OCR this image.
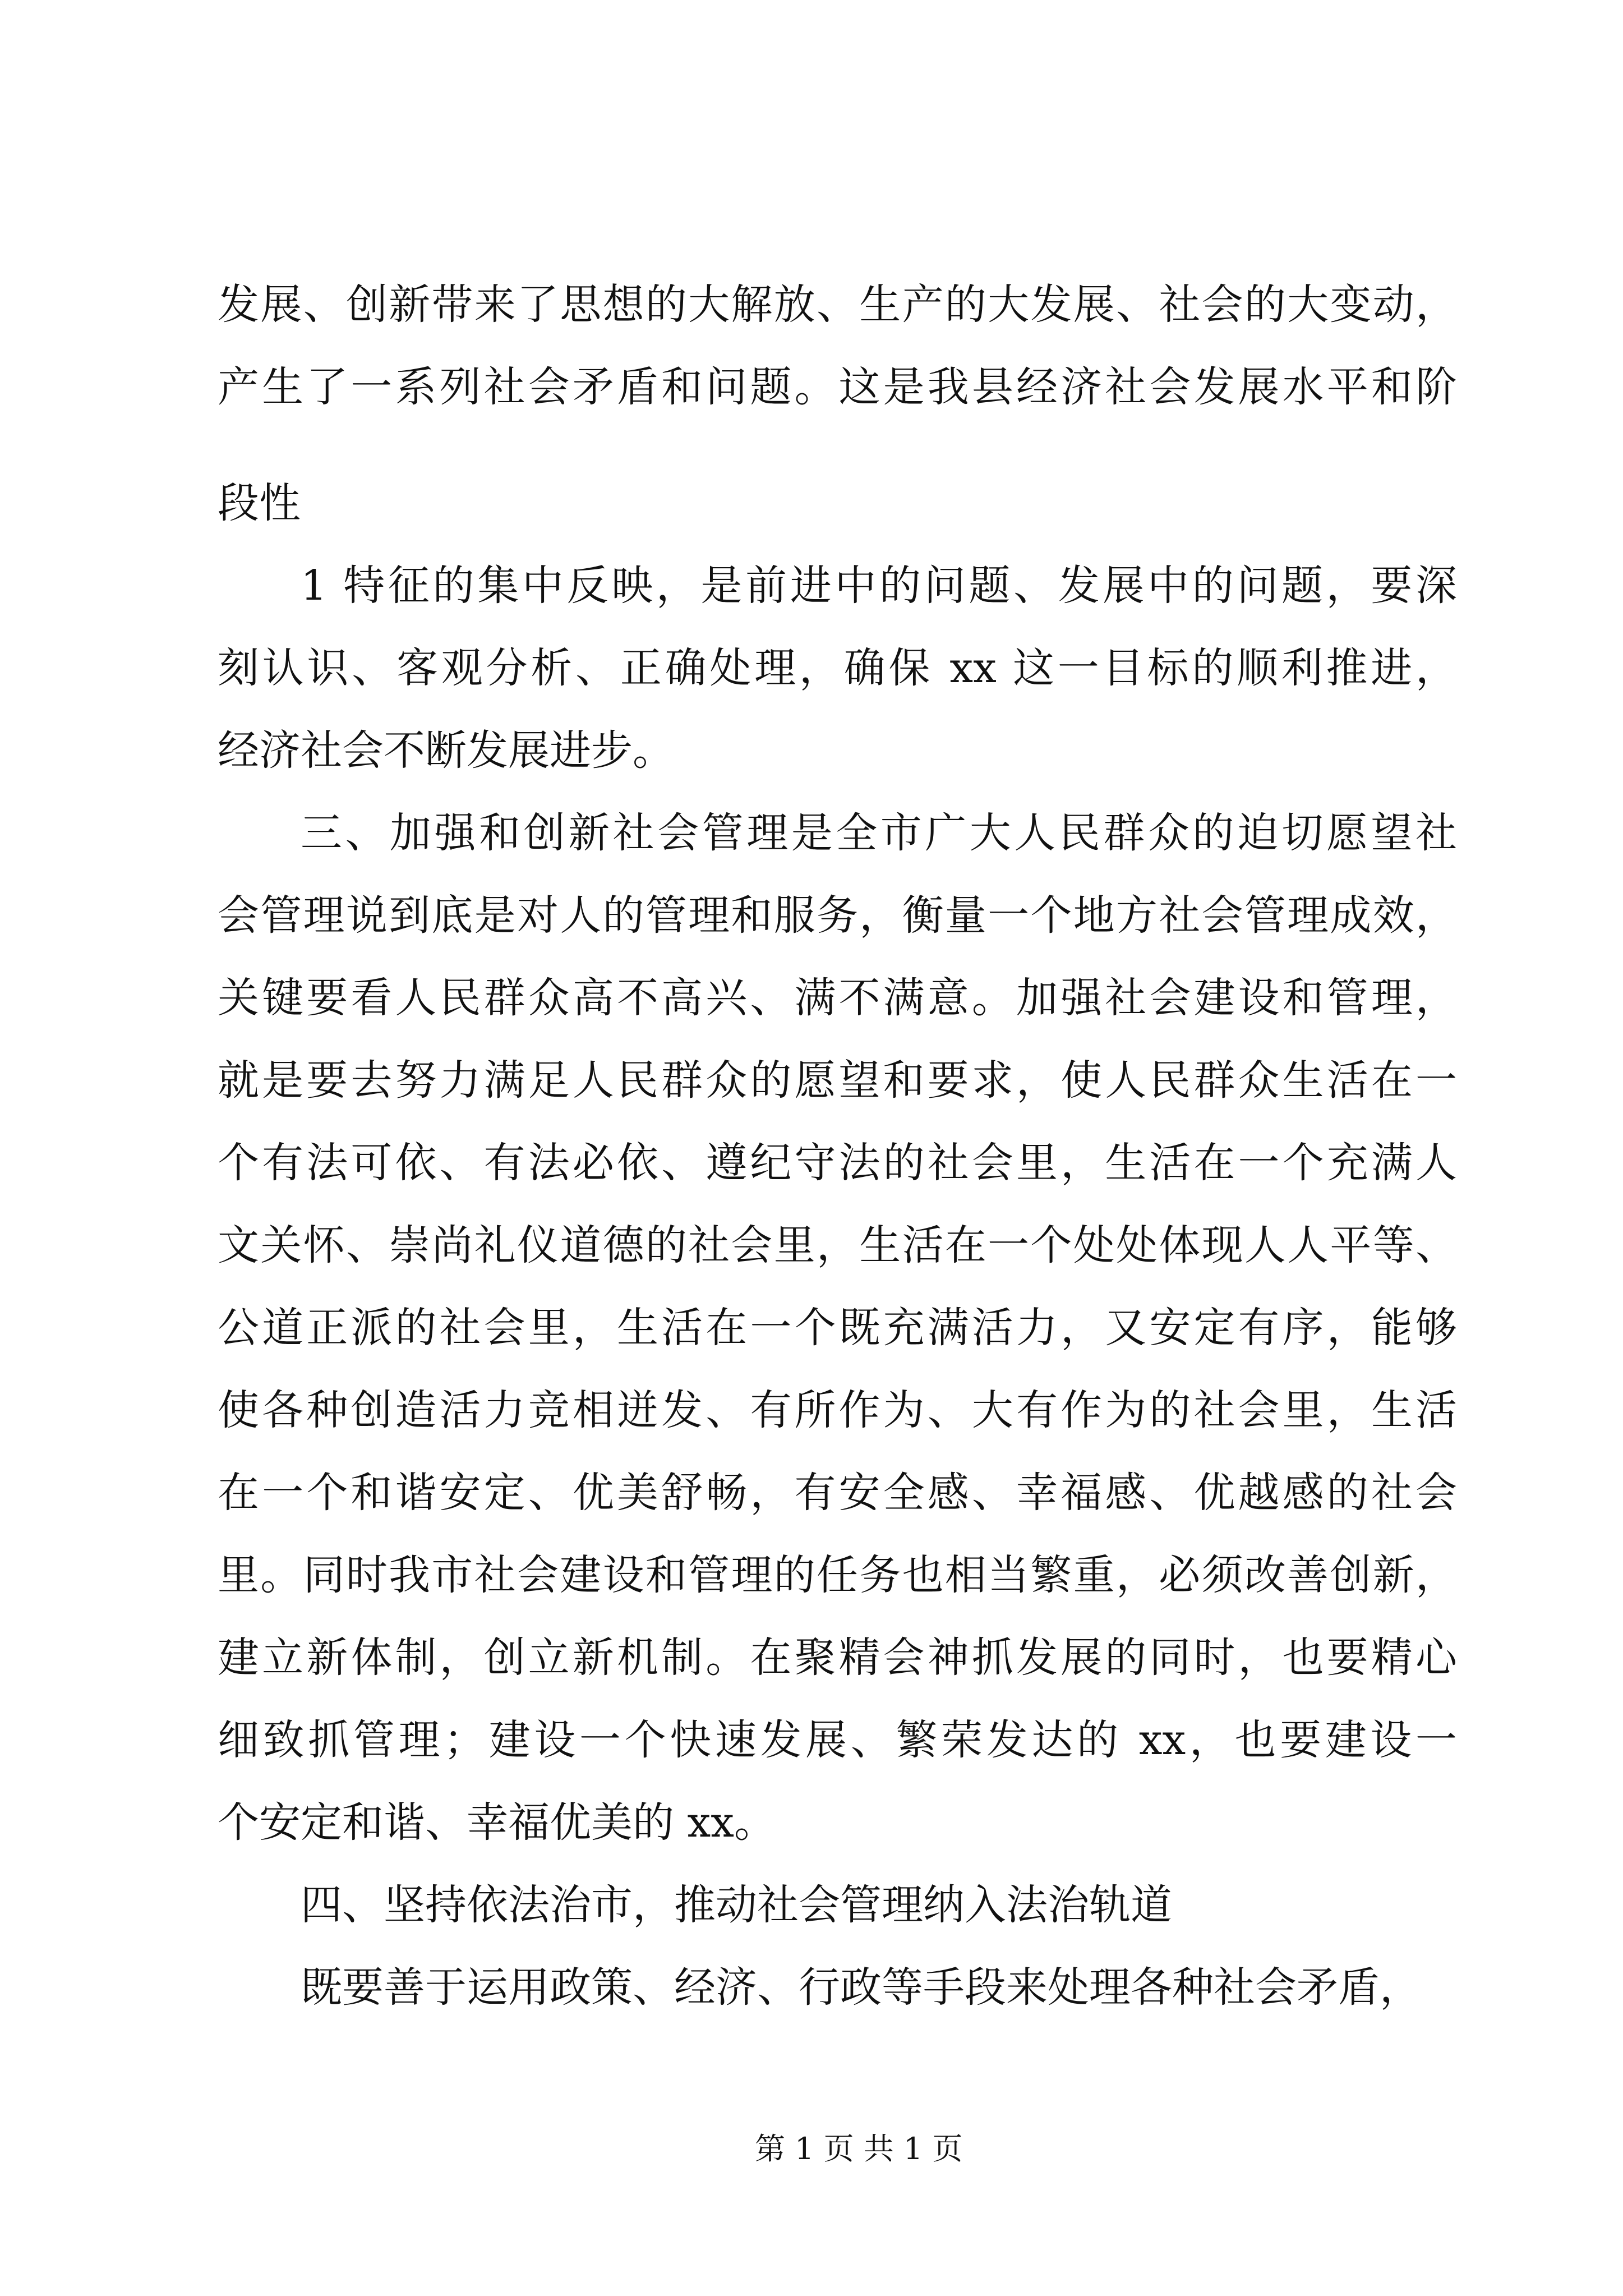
发展、创新带来了思想的大解放、生产的大发展、社会的大变动，
产生了一系列社会矛盾和问题。这是我县经济社会发展水平和阶
段性
1 特征的集中反映，是前进中的问题、发展中的问题，要深
刻认识、客观分析、正确处理，确保 xx 这一目标的顺利推进，
经济社会不断发展进步。
三、加强和创新社会管理是全市广大人民群众的迫切愿望社
会管理说到底是对人的管理和服务，衡量一个地方社会管理成效，
关键要看人民群众高不高兴、满不满意。加强社会建设和管理，
就是要去努力满足人民群众的愿望和要求，使人民群众生活在一
个有法可依、有法必依、遵纪守法的社会里，生活在一个充满人
文关怀、崇尚礼仪道德的社会里，生活在一个处处体现人人平等、
公道正派的社会里，生活在一个既充满活力，又安定有序，能够
使各种创造活力竞相迸发、有所作为、大有作为的社会里，生活
在一个和谐安定、优美舒畅，有安全感、幸福感、优越感的社会
里。同时我市社会建设和管理的任务也相当繁重，必须改善创新，
建立新体制，创立新机制。在聚精会神抓发展的同时，也要精心
细致抓管理；建设一个快速发展、繁荣发达的 xx，也要建设一
个安定和谐、幸福优美的 xx。
四、坚持依法治市，推动社会管理纳入法治轨道
既要善于运用政策、经济、行政等手段来处理各种社会矛盾，
第 1 页 共 1 页
